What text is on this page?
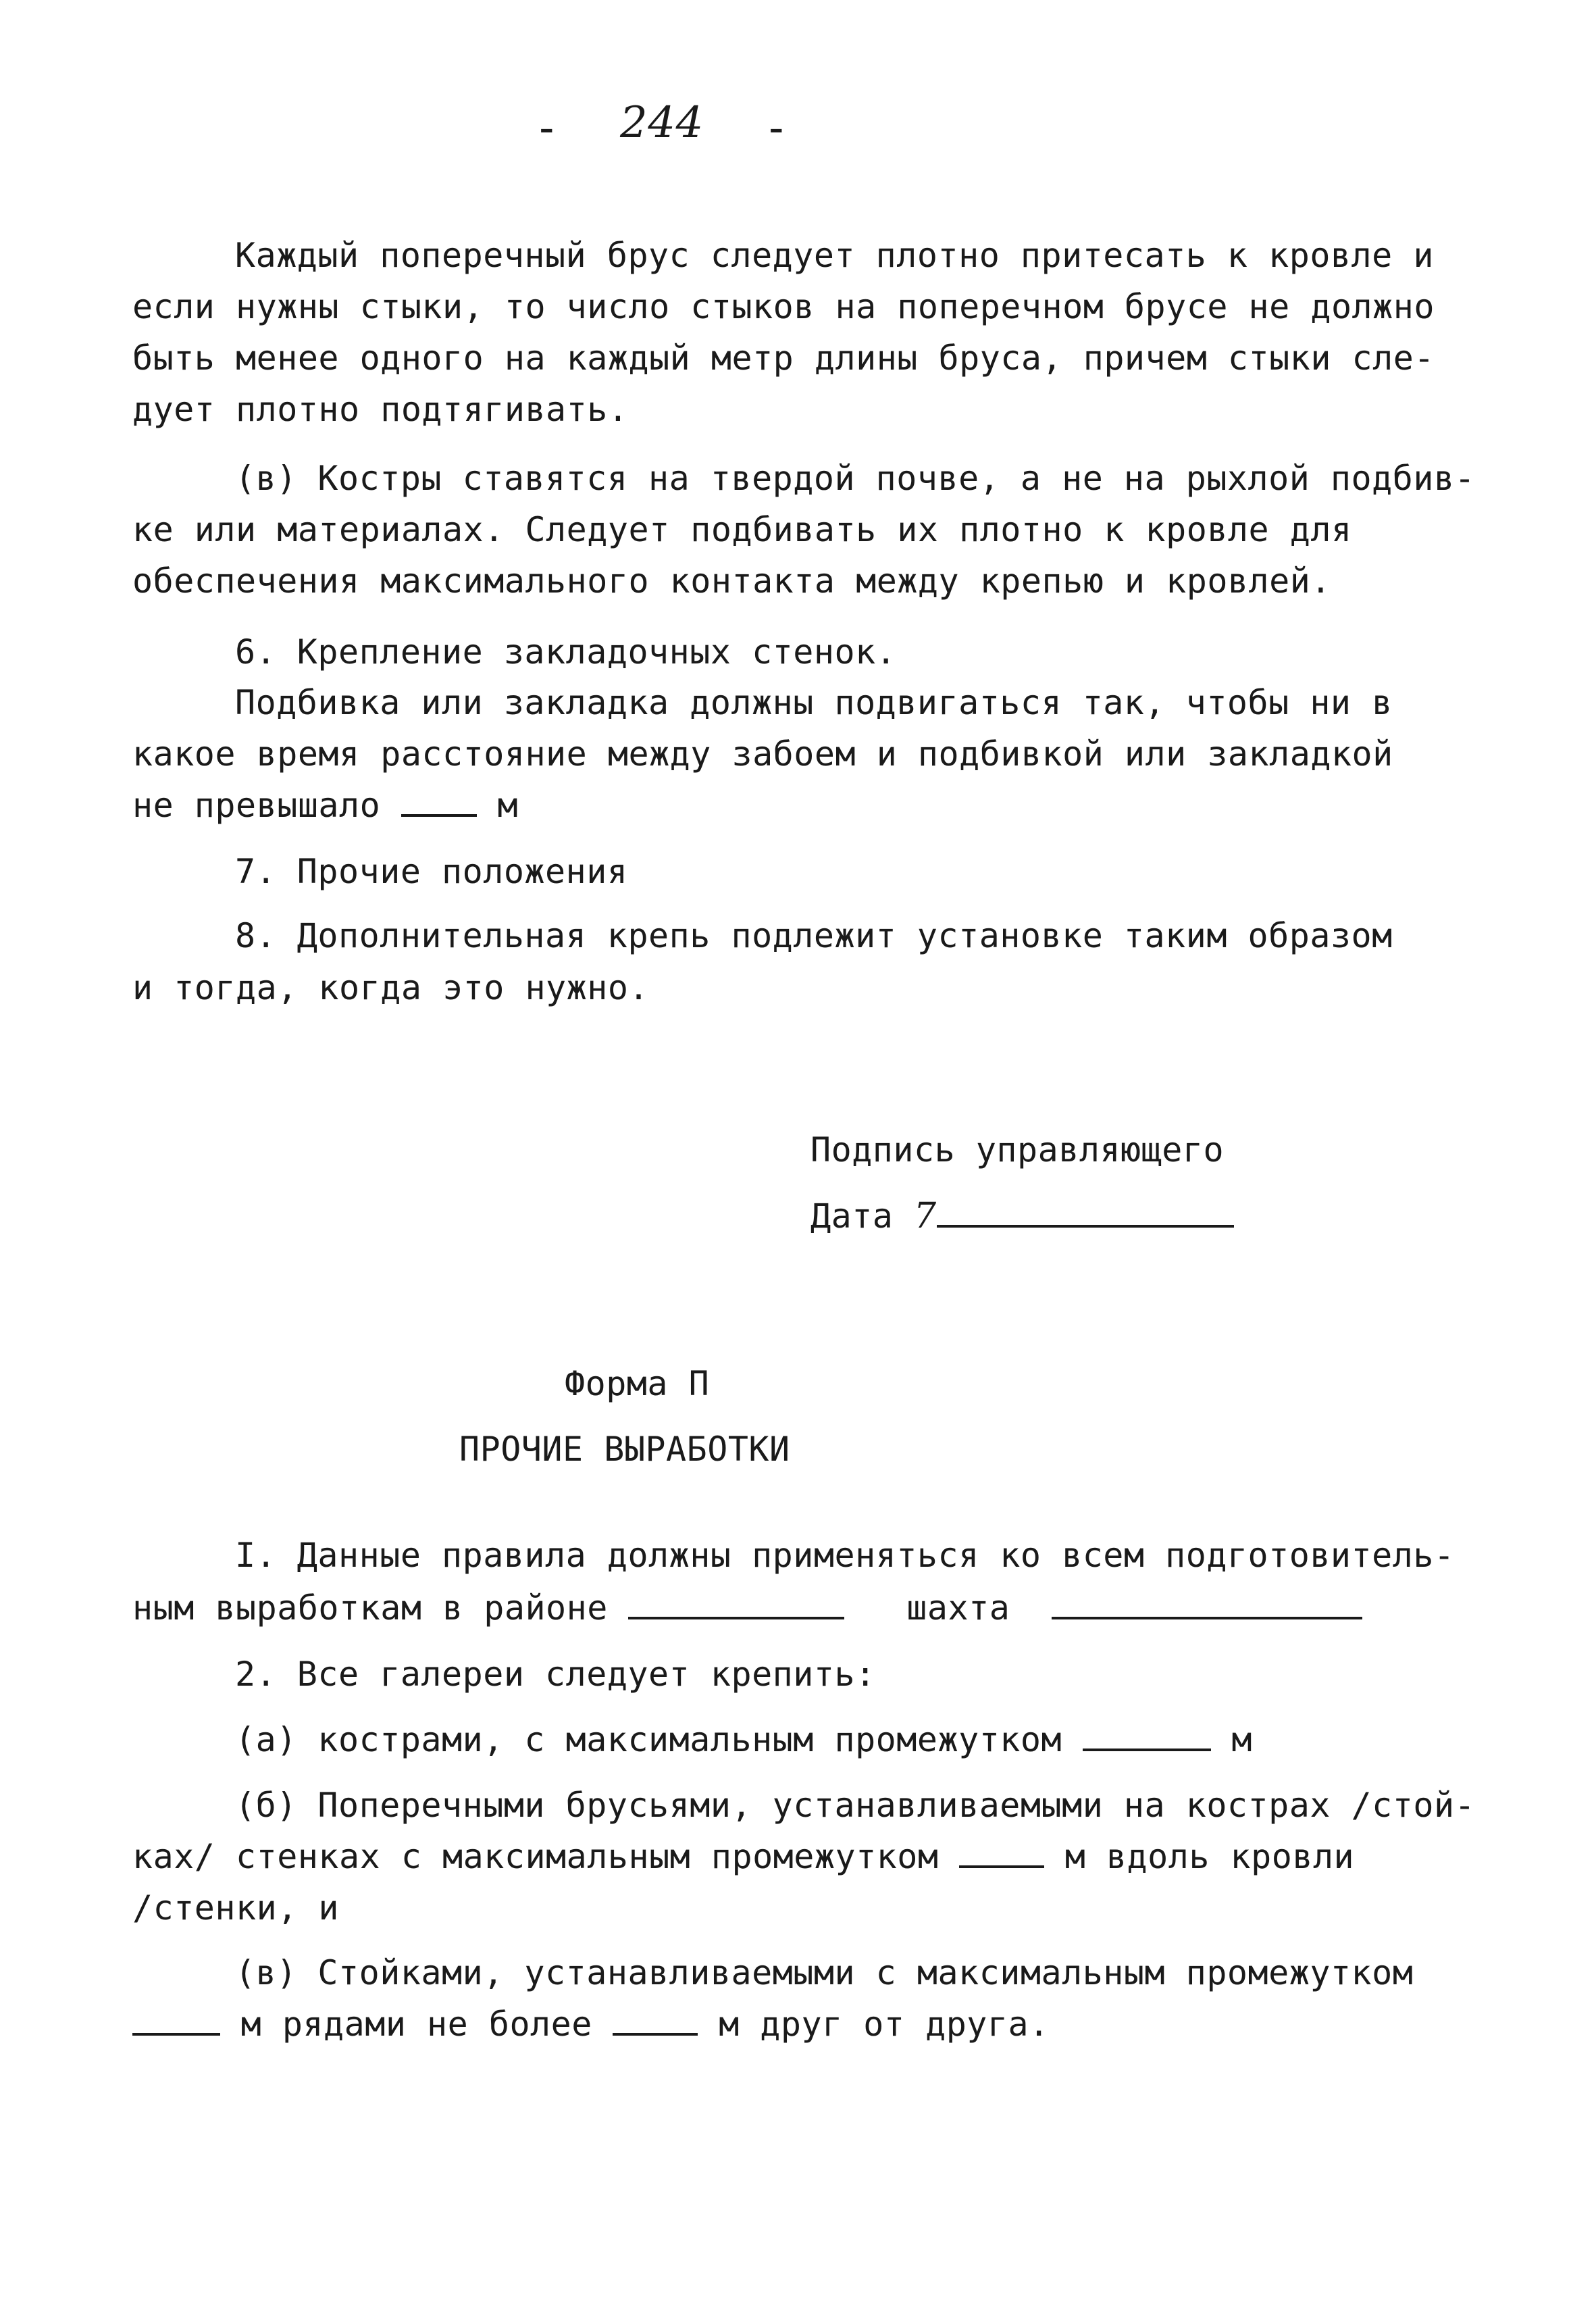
- 244 -
Каждый поперечный брус следует плотно притесать к кровле и
если нужны стыки, то число стыков на поперечном брусе не должно
быть менее одного на каждый метр длины бруса, причем стыки сле-
дует плотно подтягивать.
(в) Костры ставятся на твердой почве, а не на рыхлой подбив-
ке или материалах. Следует подбивать их плотно к кровле для
обеспечения максимального контакта между крепью и кровлей.
6. Крепление закладочных стенок.
Подбивка или закладка должны подвигаться так, чтобы ни в
какое время расстояние между забоем и подбивкой или закладкой
не превышало	м
7. Прочие положения
8. Дополнительная крепь подлежит установке таким образом
и тогда, когда это нужно.
Подпись управляющего
Дата 7
Форма П
ПРОЧИЕ ВЫРАБОТКИ
I. Данные правила должны применяться ко всем подготовитель-
ным выработкам в районе	шахта
2. Все галереи следует крепить:
(а) кострами, с максимальным промежутком	м
(б) Поперечными брусьями, устанавливаемыми на кострах /стой-
ках/ стенках с максимальным промежутком	м вдоль кровли
/стенки, и
(в) Стойками, устанавливаемыми с максимальным промежутком
м рядами не более	м друг от друга.
